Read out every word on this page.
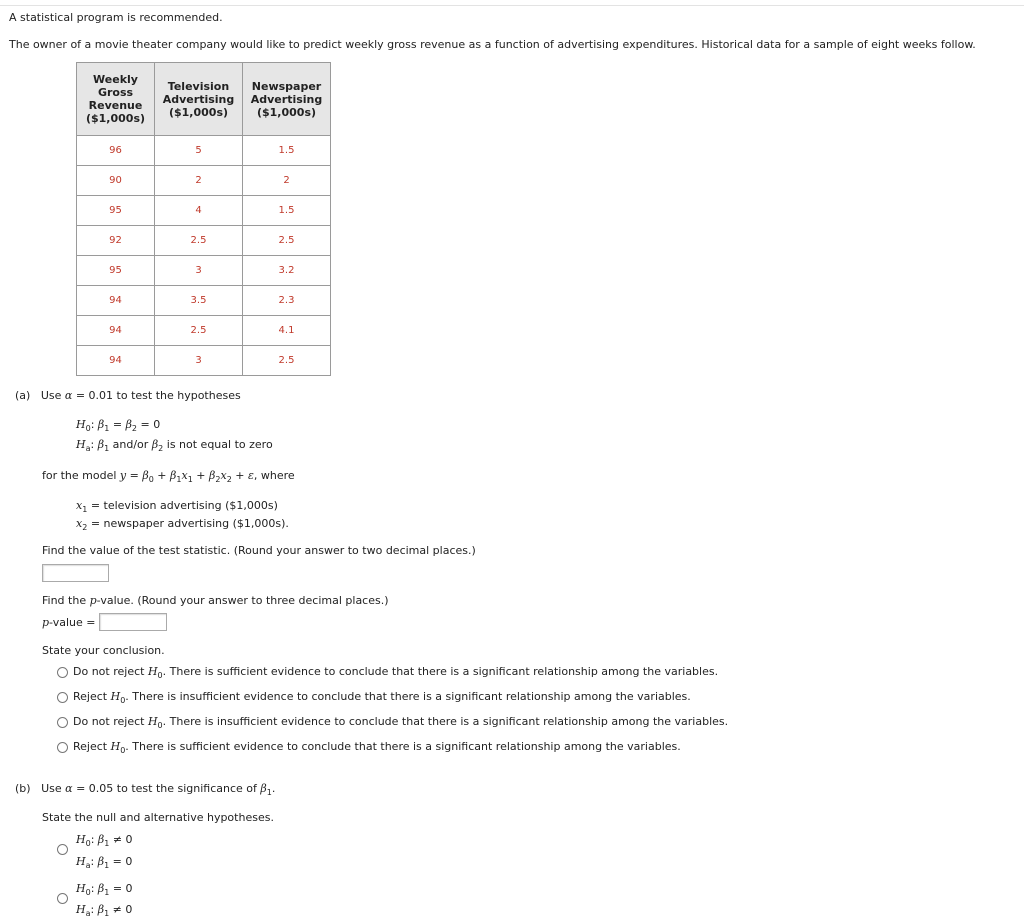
A statistical program is recommended.
The owner of a movie theater company would like to predict weekly gross revenue as a function of advertising expenditures. Historical data for a sample of eight weeks follow.
Weekly
Gross
Revenue
($1,000s)	Television
Advertising
($1,000s)	Newspaper
Advertising
($1,000s)
96	5	1.5
90	2	2
95	4	1.5
92	2.5	2.5
95	3	3.2
94	3.5	2.3
94	2.5	4.1
94	3	2.5
(a) Use α = 0.01 to test the hypotheses
$H_0$: $\beta_1 = \beta_2 = 0$
$H_a$: $\beta_1$ and/or $\beta_2$ is not equal to zero
for the model $y = \beta_0 + \beta_1x_1 + \beta_2x_2 + \varepsilon$, where
$x_1$ = television advertising ($1,000s)
$x_2$ = newspaper advertising ($1,000s).
Find the value of the test statistic. (Round your answer to two decimal places.)
Find the p-value. (Round your answer to three decimal places.)
p-value =
State your conclusion.
Do not reject $H_0$. There is sufficient evidence to conclude that there is a significant relationship among the variables.
Reject $H_0$. There is insufficient evidence to conclude that there is a significant relationship among the variables.
Do not reject $H_0$. There is insufficient evidence to conclude that there is a significant relationship among the variables.
Reject $H_0$. There is sufficient evidence to conclude that there is a significant relationship among the variables.
(b) Use α = 0.05 to test the significance of $\beta_1$.
State the null and alternative hypotheses.
$H_0$: $\beta_1 \ne 0$
$H_a$: $\beta_1 = 0$
$H_0$: $\beta_1 = 0$
$H_a$: $\beta_1 \ne 0$
